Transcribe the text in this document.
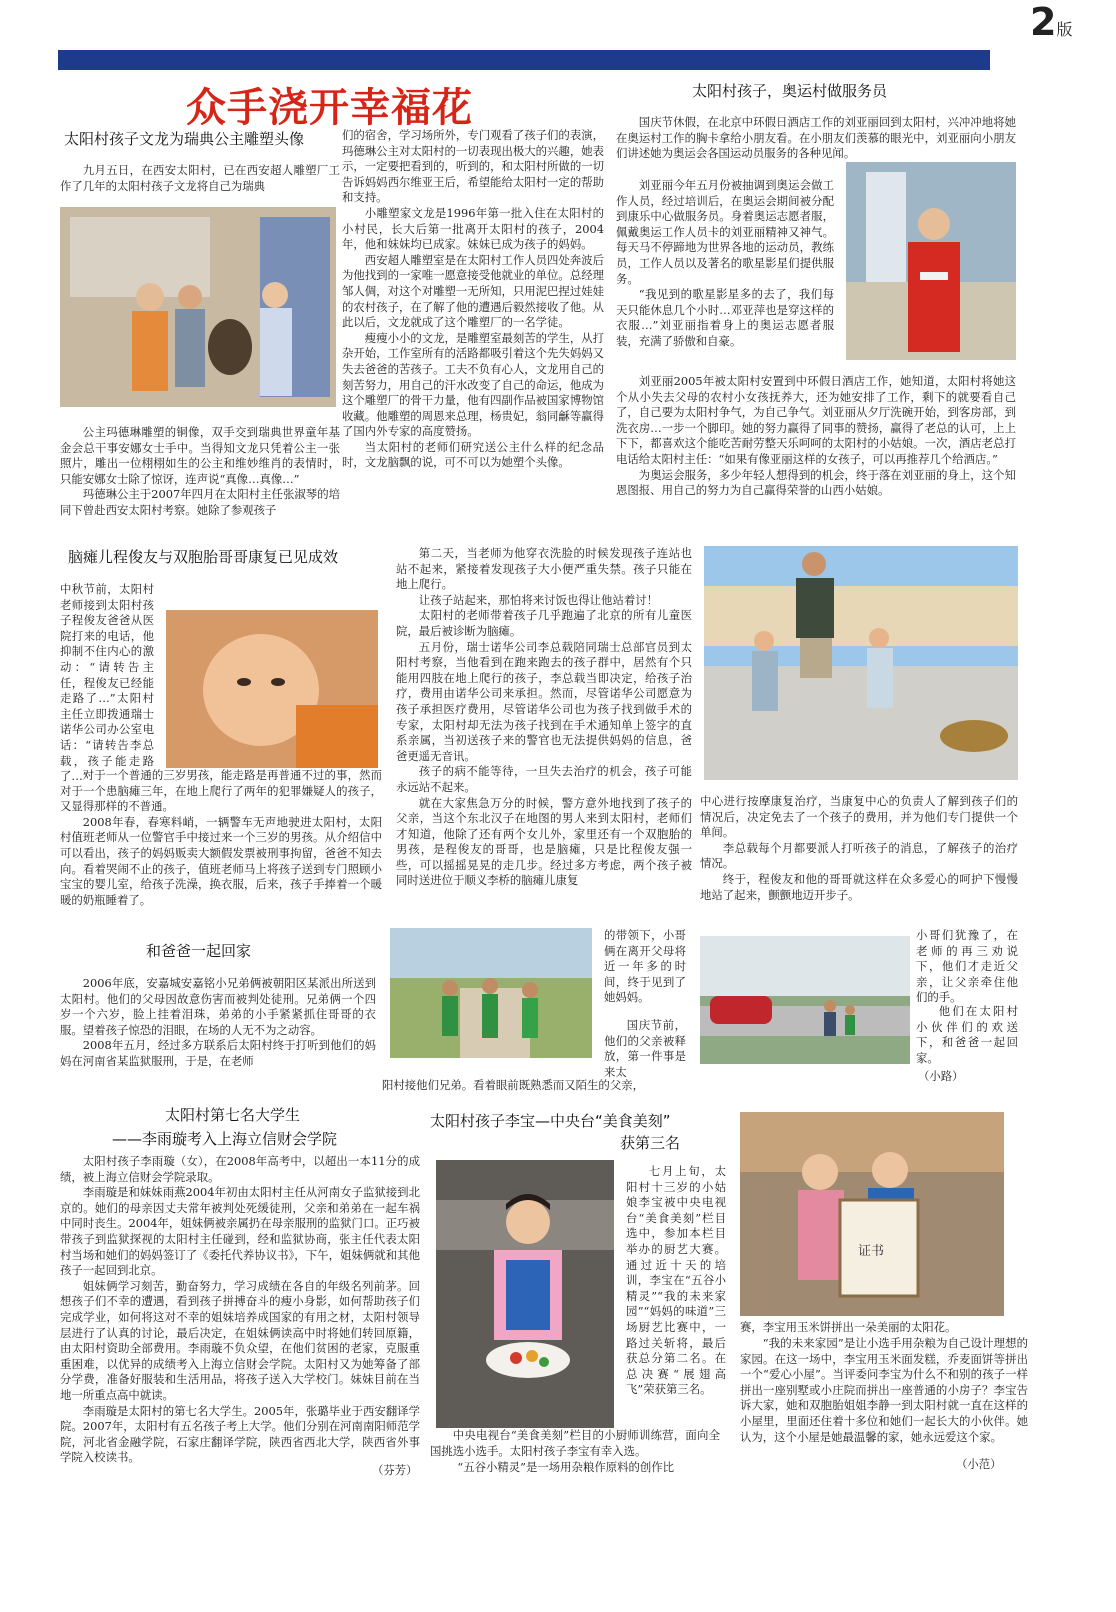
2版
众手浇开幸福花
太阳村孩子文龙为瑞典公主雕塑头像
九月五日，在西安太阳村，已在西安超人雕塑厂工作了几年的太阳村孩子文龙将自己为瑞典

公主玛德琳雕塑的铜像，双手交到瑞典世界童年基金会总干事安娜女士手中。当得知文龙只凭着公主一张照片，雕出一位栩栩如生的公主和维妙维肖的表情时，只能安娜女士除了惊讶，连声说“真像…真像…”

玛德琳公主于2007年四月在太阳村主任张淑琴的培同下曾赴西安太阳村考察。她除了参观孩子

们的宿舍，学习场所外，专门观看了孩子们的表演，玛德琳公主对太阳村的一切表现出极大的兴趣，她表示，一定要把看到的，听到的，和太阳村所做的一切告诉妈妈西尔维亚王后，希望能给太阳村一定的帮助和支持。

小雕塑家文龙是1996年第一批入住在太阳村的小村民，长大后第一批离开太阳村的孩子，2004年，他和妹妹均已成家。妹妹已成为孩子的妈妈。

西安超人雕塑室是在太阳村工作人员四处奔波后为他找到的一家唯一愿意接受他就业的单位。总经理邹人倜，对这个对雕塑一无所知，只用泥巴捏过娃娃的农村孩子，在了解了他的遭遇后毅然接收了他。从此以后，文龙就成了这个雕塑厂的一名学徒。

瘦瘦小小的文龙，是雕塑室最刻苦的学生，从打杂开始，工作室所有的活路都吸引着这个先失妈妈又失去爸爸的苦孩子。工夫不负有心人，文龙用自己的刻苦努力，用自己的汗水改变了自己的命运，他成为这个雕塑厂的骨干力量，他有四副作品被国家博物馆收藏。他雕塑的周恩来总理，杨贵妃，翁同龢等赢得了国内外专家的高度赞扬。

当太阳村的老师们研究送公主什么样的纪念品时，文龙脑飘的说，可不可以为她塑个头像。

太阳村孩子，奥运村做服务员
国庆节休假，在北京中环假日酒店工作的刘亚丽回到太阳村，兴冲冲地将她在奥运村工作的胸卡拿给小朋友看。在小朋友们羡慕的眼光中，刘亚丽向小朋友们讲述她为奥运会各国运动员服务的各种见闻。

刘亚丽今年五月份被抽调到奥运会做工作人员，经过培训后，在奥运会期间被分配到康乐中心做服务员。身着奥运志愿者服，佩戴奥运工作人员卡的刘亚丽精神又神气。每天马不停蹄地为世界各地的运动员，教练员，工作人员以及著名的歌星影星们提供服务。

“我见到的歌星影星多的去了，我们每天只能休息几个小时…邓亚萍也是穿这样的衣服…”刘亚丽指着身上的奥运志愿者服装，充满了骄傲和自豪。

刘亚丽2005年被太阳村安置到中环假日酒店工作，她知道，太阳村将她这个从小失去父母的农村小女孩抚养大，还为她安排了工作，剩下的就要看自己了，自己要为太阳村争气，为自己争气。刘亚丽从夕厅洗碗开始，到客房部，到洗衣房…一步一个脚印。她的努力赢得了同事的赞扬，赢得了老总的认可，上上下下，都喜欢这个能吃苦耐劳整天乐呵呵的太阳村的小姑娘。一次，酒店老总打电话给太阳村主任：“如果有像亚丽这样的女孩子，可以再推荐几个给酒店。”

为奥运会服务，多少年轻人想得到的机会，终于落在刘亚丽的身上，这个知恩图报、用自己的努力为自己赢得荣誉的山西小姑娘。

脑瘫儿程俊友与双胞胎哥哥康复已见成效
中秋节前，太阳村老师接到太阳村孩子程俊友爸爸从医院打来的电话，他抑制不住内心的激动：“请转告主任，程俊友已经能走路了…”太阳村主任立即拨通瑞士诺华公司办公室电话：“请转告李总载，孩子能走路了…”

对于一个普通的三岁男孩，能走路是再普通不过的事，然而对于一个患脑瘫三年，在地上爬行了两年的犯罪嫌疑人的孩子，又显得那样的不普通。

2008年春，春寒料峭，一辆警车无声地驶进太阳村，太阳村值班老师从一位警官手中接过来一个三岁的男孩。从介绍信中可以看出，孩子的妈妈贩卖大额假发票被刑事拘留，爸爸不知去向。看着哭闹不止的孩子，值班老师马上将孩子送到专门照顾小宝宝的婴儿室，给孩子洗澡，换衣服，后来，孩子手捧着一个暖暖的奶瓶睡着了。

第二天，当老师为他穿衣洗脸的时候发现孩子连站也站不起来，紧接着发现孩子大小便严重失禁。孩子只能在地上爬行。

让孩子站起来，那怕将来讨饭也得让他站着讨！

太阳村的老师带着孩子几乎跑遍了北京的所有儿童医院，最后被诊断为脑瘫。

五月份，瑞士诺华公司李总载陪同瑞士总部官员到太阳村考察，当他看到在跑来跑去的孩子群中，居然有个只能用四肢在地上爬行的孩子，李总载当即决定，给孩子治疗，费用由诺华公司来承担。然而，尽管诺华公司愿意为孩子承担医疗费用，尽管诺华公司也为孩子找到做手术的专家，太阳村却无法为孩子找到在手术通知单上签字的直系亲属，当初送孩子来的警官也无法提供妈妈的信息，爸爸更遥无音讯。

孩子的病不能等待，一旦失去治疗的机会，孩子可能永远站不起来。

就在大家焦急万分的时候，警方意外地找到了孩子的父亲，当这个东北汉子在地图的男人来到太阳村，老师们才知道，他除了还有两个女儿外，家里还有一个双胞胎的男孩，是程俊友的哥哥，也是脑瘫，只是比程俊友强一些，可以摇摇晃晃的走几步。经过多方考虑，两个孩子被同时送进位于顺义李桥的脑瘫儿康复

中心进行按摩康复治疗，当康复中心的负责人了解到孩子们的情况后，决定免去了一个孩子的费用，并为他们专门提供一个单间。

李总载每个月都要派人打听孩子的消息，了解孩子的治疗情况。

终于，程俊友和他的哥哥就这样在众多爱心的呵护下慢慢地站了起来，颤颤地迈开步子。

和爸爸一起回家

2006年底，安嘉城安嘉铭小兄弟俩被朝阳区某派出所送到太阳村。他们的父母因故意伤害而被判处徒刑。兄弟俩一个四岁一个六岁，脸上挂着泪珠，弟弟的小手紧紧抓住哥哥的衣服。望着孩子惊恐的泪眼，在场的人无不为之动容。

2008年五月，经过多方联系后太阳村终于打听到他们的妈妈在河南省某监狱服刑，于是，在老师

阳村接他们兄弟。看着眼前既熟悉而又陌生的父亲，
的带领下，小哥俩在离开父母将近一年多的时间，终于见到了她妈妈。
国庆节前，他们的父亲被释放，第一件事是来太
小哥们犹豫了，在老师的再三劝说下，他们才走近父亲，让父亲牵住他们的手。
他们在太阳村小伙伴们的欢送下，和爸爸一起回家。
（小路）
太阳村第七名大学生
——李雨璇考入上海立信财会学院

太阳村孩子李雨璇（女），在2008年高考中，以超出一本11分的成绩，被上海立信财会学院录取。

李雨璇是和妹妹雨燕2004年初由太阳村主任从河南女子监狱接到北京的。她们的母亲因丈夫常年被判处死缓徒刑，父亲和弟弟在一起车祸中同时丧生。2004年，姐妹俩被亲属扔在母亲服刑的监狱门口。正巧被带孩子到监狱探视的太阳村主任碰到，经和监狱协商，张主任代表太阳村当场和她们的妈妈签订了《委托代养协议书》，下午，姐妹俩就和其他孩子一起回到北京。

姐妹俩学习刻苦，勤奋努力，学习成绩在各自的年级名列前茅。回想孩子们不幸的遭遇，看到孩子拼搏奋斗的瘦小身影，如何帮助孩子们完成学业，如何将这对不幸的姐妹培养成国家的有用之材，太阳村领导层进行了认真的讨论，最后决定，在姐妹俩读高中时将她们转回原籍，由太阳村资助全部费用。李雨璇不负众望，在他们贫困的老家，克服重重困难，以优异的成绩考入上海立信财会学院。太阳村又为她筹备了部分学费，准备好服装和生活用品，将孩子送入大学校门。妹妹目前在当地一所重点高中就读。

李雨璇是太阳村的第七名大学生。2005年，张璐毕业于西安翻译学院。2007年，太阳村有五名孩子考上大学。他们分别在河南南阳师范学院，河北省金融学院，石家庄翻译学院，陕西省西北大学，陕西省外事学院入校读书。

（芬芳）
太阳村孩子李宝—中央台“美食美刻”
获第三名
七月上旬，太阳村十三岁的小姑娘李宝被中央电视台“美食美刻”栏目选中，参加本栏目举办的厨艺大赛。通过近十天的培训，李宝在“五谷小精灵”“我的未来家园”“妈妈的味道”三场厨艺比赛中，一路过关斩将，最后获总分第二名。在总决赛“展翅高飞”荣获第三名。
证书
赛，李宝用玉米饼拼出一朵美丽的太阳花。
“我的未来家园”是让小选手用杂粮为自己设计理想的家园。在这一场中，李宝用玉米面发糕，乔麦面饼等拼出一个“爱心小屋”。当评委问李宝为什么不和别的孩子一样拼出一座别墅或小庄院而拼出一座普通的小房子？李宝告诉大家，她和双胞胎姐姐李静一到太阳村就一直在这样的小屋里，里面还住着十多位和她们一起长大的小伙伴。她认为，这个小屋是她最温馨的家，她永远爱这个家。
中央电视台“美食美刻”栏目的小厨师训练营，面向全国挑选小选手。太阳村孩子李宝有幸入选。
“五谷小精灵”是一场用杂粮作原料的创作比	（小范）
